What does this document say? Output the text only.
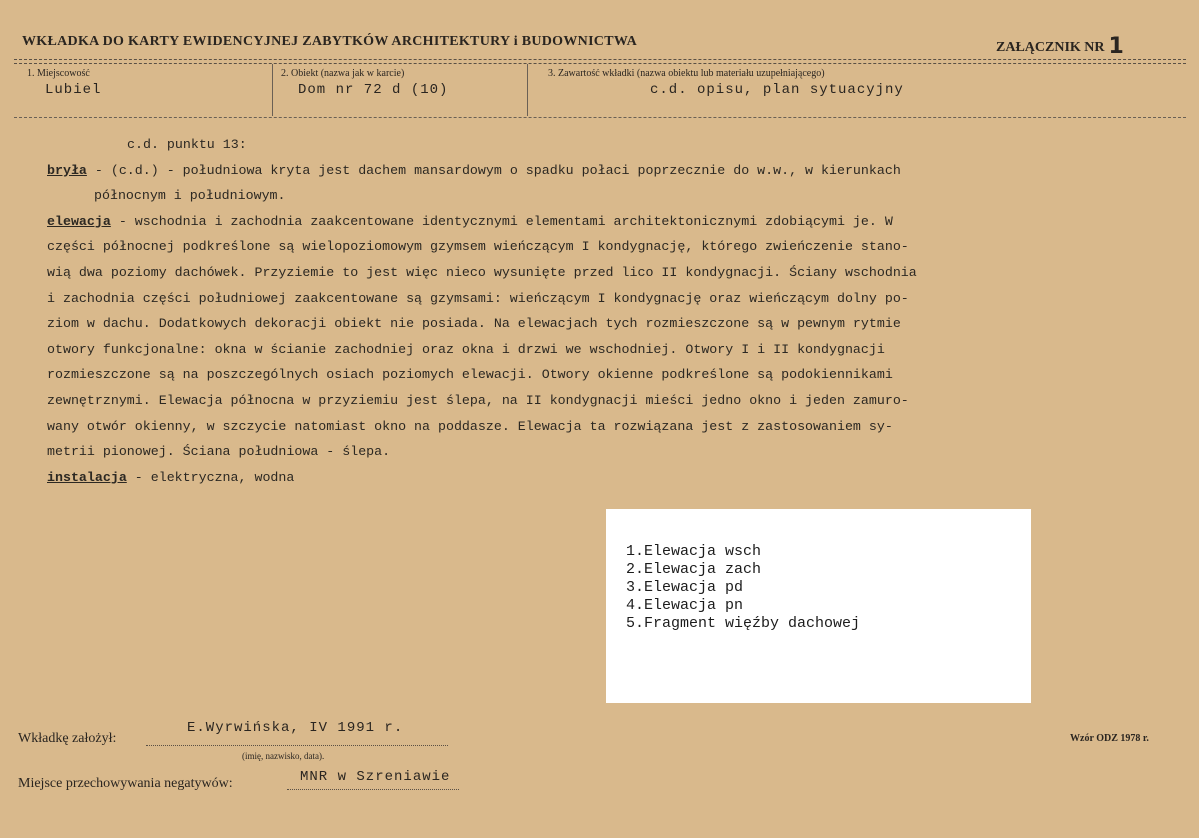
WKŁADKA DO KARTY EWIDENCYJNEJ ZABYTKÓW ARCHITEKTURY i BUDOWNICTWA	ZAŁĄCZNIK NR 1
1. Miejscowość
Lubiel
2. Obiekt (nazwa jak w karcie)
Dom nr 72 d (10)
3. Zawartość wkładki (nazwa obiektu lub materiału uzupełniającego)
c.d. opisu, plan sytuacyjny
c.d. punktu 13:

bryła - (c.d.) - południowa kryta jest dachem mansardowym o spadku połaci poprzecznie do w.w., w kierunkach
północnym i południowym.

elewacja - wschodnia i zachodnia zaakcentowane identycznymi elementami architektonicznymi zdobiącymi je. W
części północnej podkreślone są wielopoziomowym gzymsem wieńczącym I kondygnację, którego zwieńczenie stano-
wią dwa poziomy dachówek. Przyziemie to jest więc nieco wysunięte przed lico II kondygnacji. Ściany wschodnia
i zachodnia części południowej zaakcentowane są gzymsami: wieńczącym I kondygnację oraz wieńczącym dolny po-
ziom w dachu. Dodatkowych dekoracji obiekt nie posiada. Na elewacjach tych rozmieszczone są w pewnym rytmie
otwory funkcjonalne: okna w ścianie zachodniej oraz okna i drzwi we wschodniej. Otwory I i II kondygnacji
rozmieszczone są na poszczególnych osiach poziomych elewacji. Otwory okienne podkreślone są podokiennikami
zewnętrznymi. Elewacja północna w przyziemiu jest ślepa, na II kondygnacji mieści jedno okno i jeden zamuro-
wany otwór okienny, w szczycie natomiast okno na poddasze. Elewacja ta rozwiązana jest z zastosowaniem sy-
metrii pionowej. Ściana południowa - ślepa.

instalacja - elektryczna, wodna

1.Elewacja wsch
2.Elewacja zach
3.Elewacja pd
4.Elewacja pn
5.Fragment więźby dachowej
Wkładkę założył:
E.Wyrwińska, IV 1991 r.
(imię, nazwisko, data).
Wzór ODZ 1978 r.
Miejsce przechowywania negatywów:	MNR w Szreniawie
